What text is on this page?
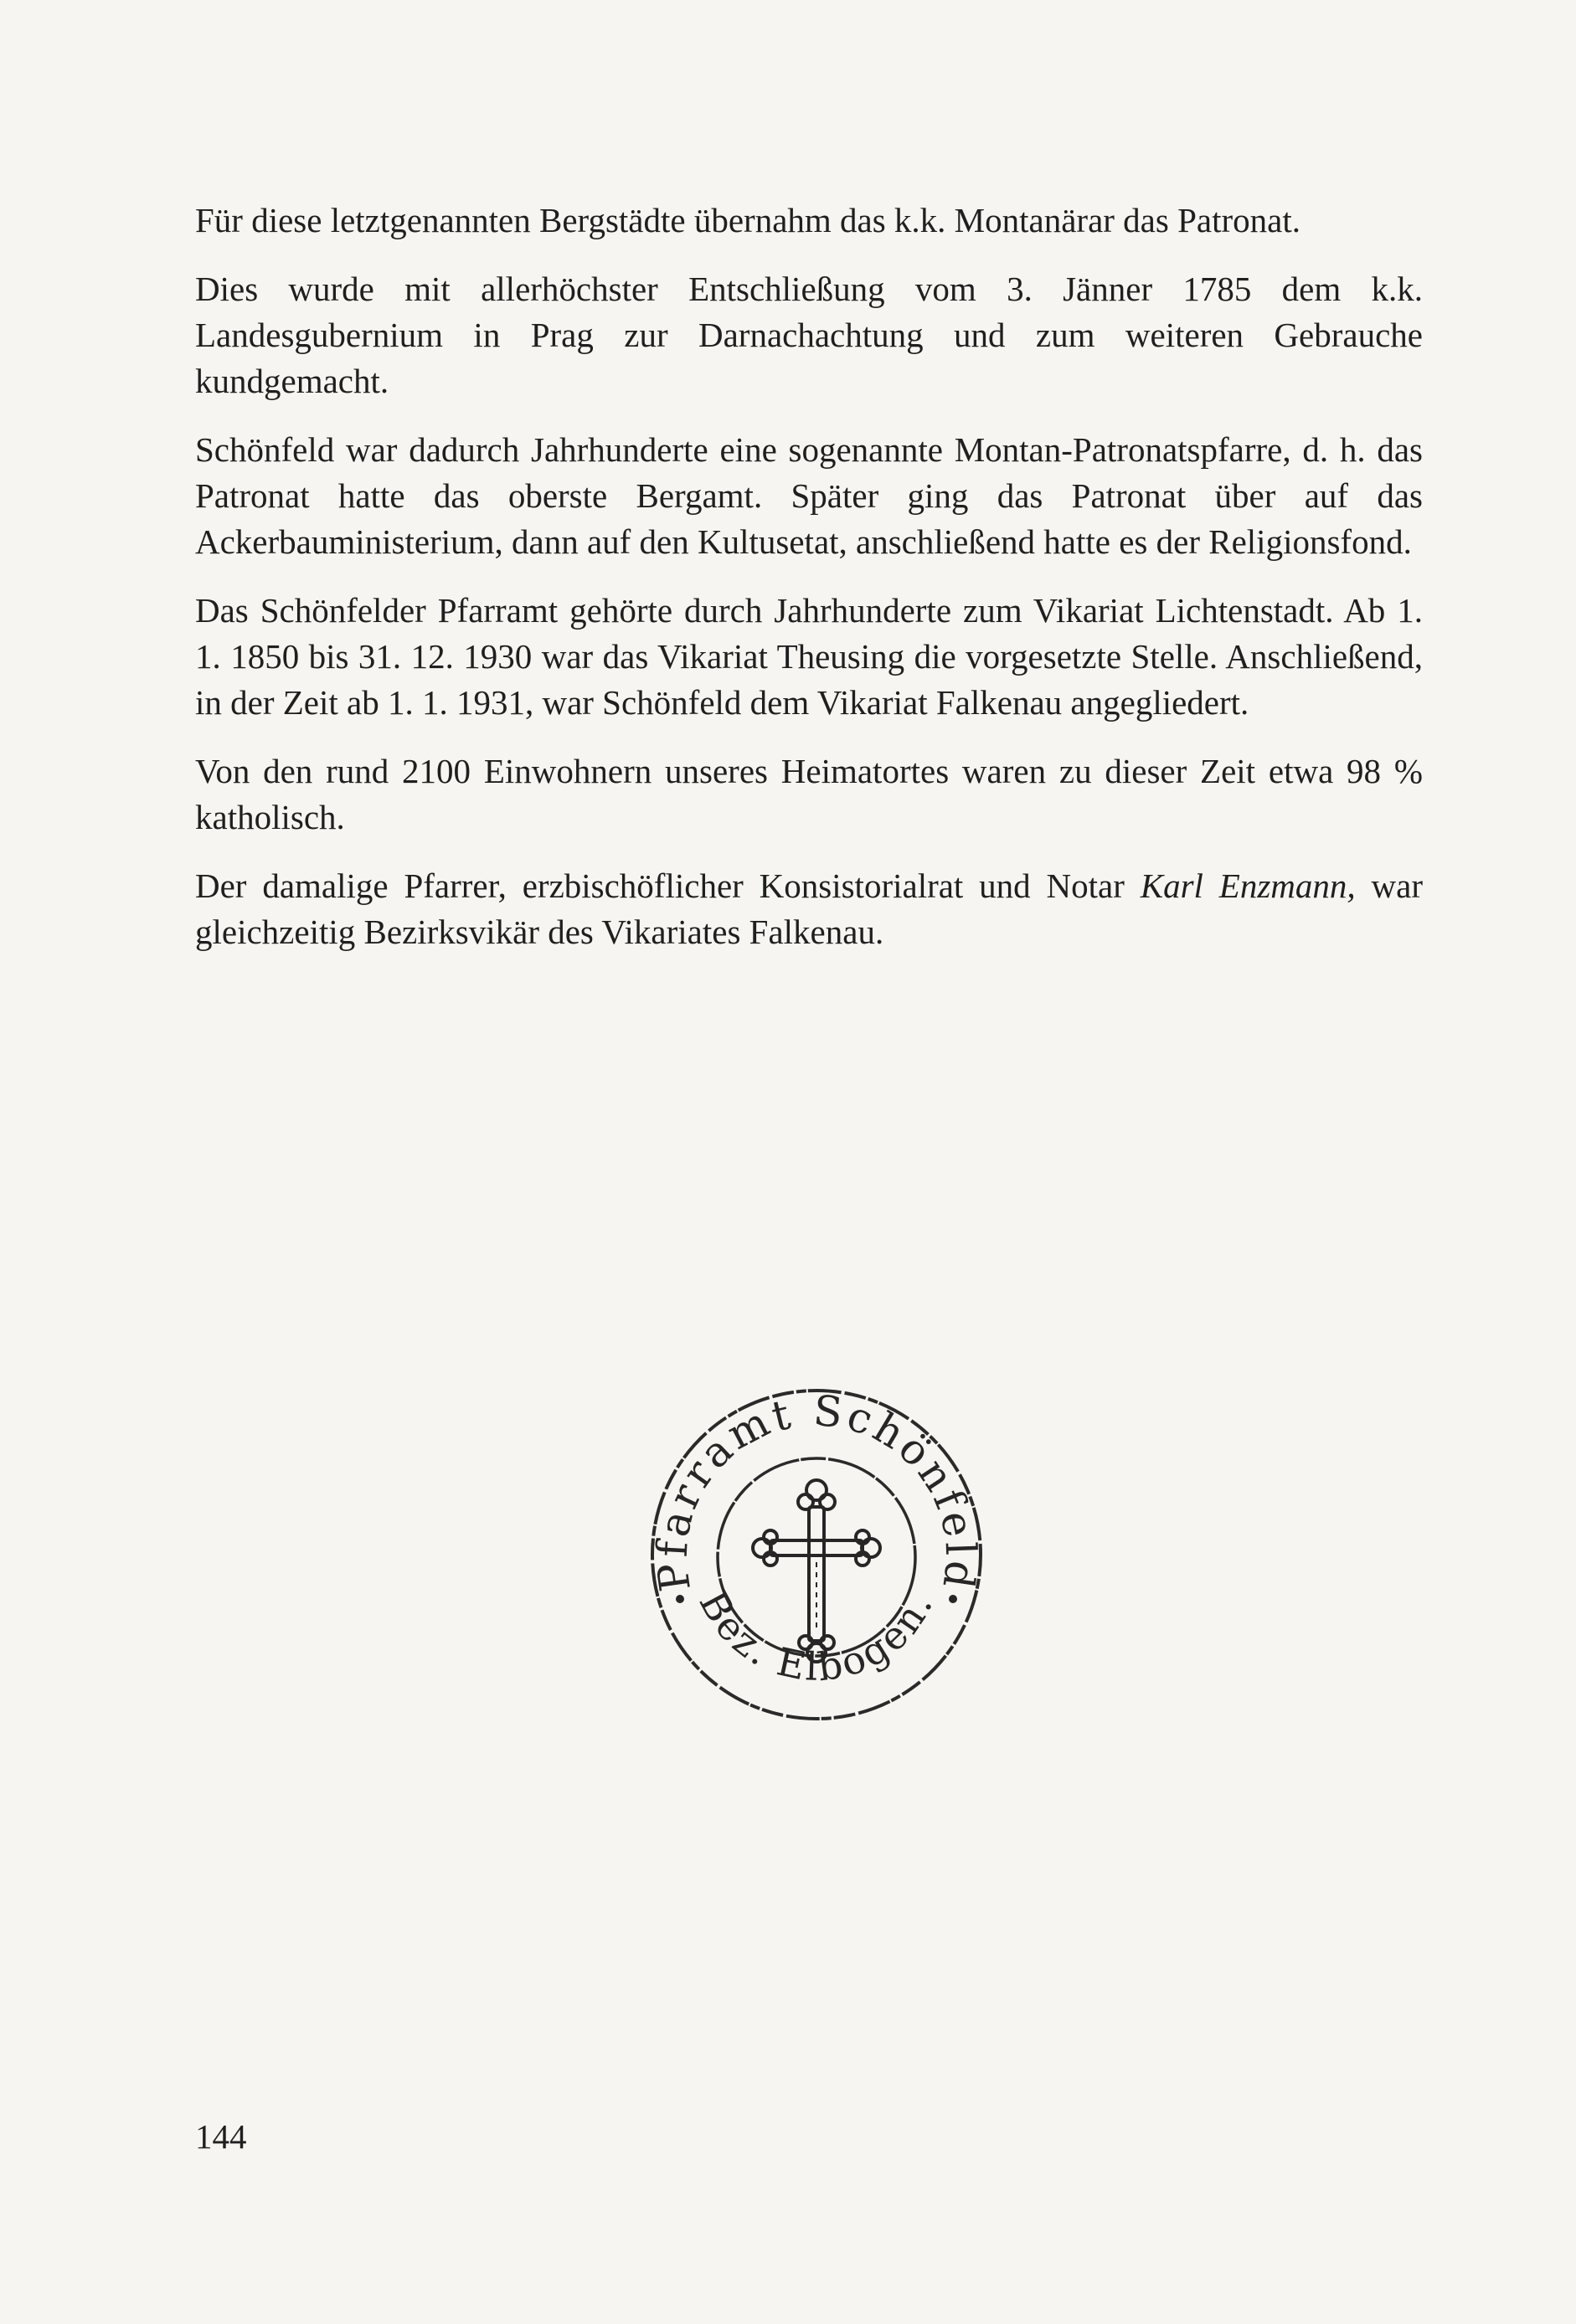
Für diese letztgenannten Bergstädte übernahm das k.k. Montanärar das Patronat.

Dies wurde mit allerhöchster Entschließung vom 3. Jänner 1785 dem k.k. Landesgubernium in Prag zur Darnachachtung und zum weiteren Gebrauche kundgemacht.

Schönfeld war dadurch Jahrhunderte eine sogenannte Montan-Patronatspfarre, d. h. das Patronat hatte das oberste Bergamt. Später ging das Patronat über auf das Ackerbauministerium, dann auf den Kultusetat, anschließend hatte es der Religionsfond.

Das Schönfelder Pfarramt gehörte durch Jahrhunderte zum Vikariat Lichtenstadt. Ab 1. 1. 1850 bis 31. 12. 1930 war das Vikariat Theusing die vorgesetzte Stelle. Anschließend, in der Zeit ab 1. 1. 1931, war Schönfeld dem Vikariat Falkenau angegliedert.

Von den rund 2100 Einwohnern unseres Heimatortes waren zu dieser Zeit etwa 98 % katholisch.

Der damalige Pfarrer, erzbischöflicher Konsistorialrat und Notar Karl Enzmann, war gleichzeitig Bezirksvikär des Vikariates Falkenau.

Pfarramt Schönfeld
Bez. Elbogen.
144
